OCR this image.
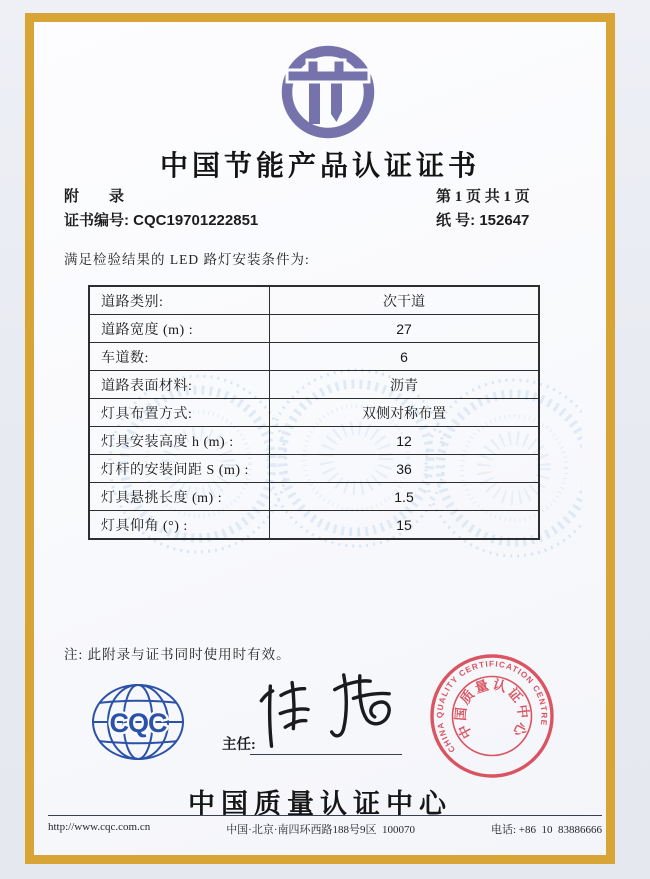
中国节能产品认证证书
附　　录	第 1 页 共 1 页
证书编号: CQC19701222851	纸 号: 152647
满足检验结果的 LED 路灯安装条件为:
道路类别:	次干道
道路宽度 (m) :	27
车道数:	6
道路表面材料:	沥青
灯具布置方式:	双侧对称布置
灯具安装高度 h (m) :	12
灯杆的安装间距 S (m) :	36
灯具悬挑长度 (m) :	1.5
灯具仰角 (°) :	15
注: 此附录与证书同时使用时有效。
CQC
主任:	CHINA QUALITY CERTIFICATION CENTRE
中国质量认证中心
中国质量认证中心
http://www.cqc.com.cn	中国·北京·南四环西路188号9区  100070	电话: +86  10  83886666
